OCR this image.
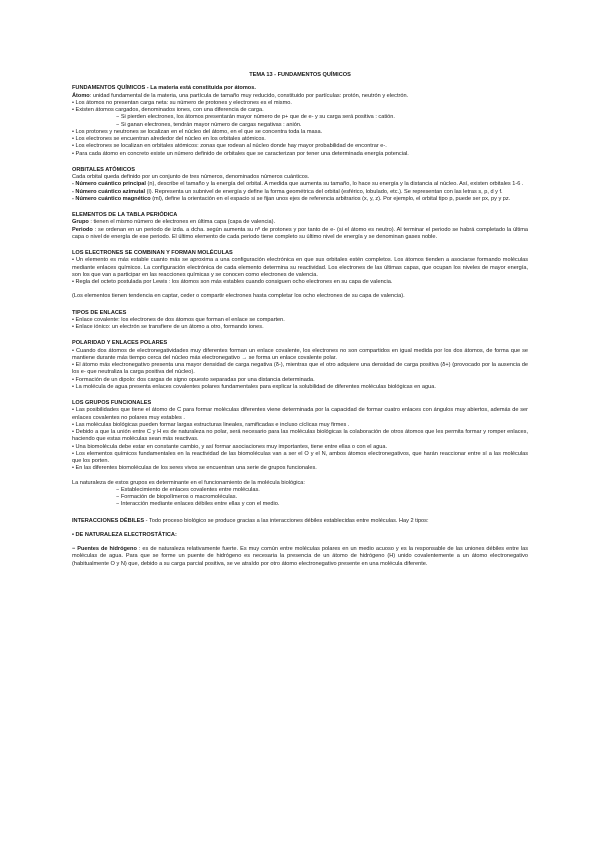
TEMA 13 - FUNDAMENTOS QUÍMICOS
FUNDAMENTOS QUÍMICOS - La materia está constituida por átomos.

Átomo: unidad fundamental de la materia, una partícula de tamaño muy reducido, constituido por partículas: protón, neutrón y electrón.

• Los átomos no presentan carga neta: su número de protones y electrones es el mismo.

• Existen átomos cargados, denominados iones, con una diferencia de carga.

− Si pierden electrones, los átomos presentarán mayor número de p+ que de e- y su carga será positiva : catión.

− Si ganan electrones, tendrán mayor número de cargas negativas : anión.

• Los protones y neutrones se localizan en el núcleo del átomo, en el que se concentra toda la masa.

• Los electrones se encuentran alrededor del núcleo en los orbitales atómicos.

• Los electrones se localizan en orbitales atómicos: zonas que rodean al núcleo donde hay mayor probabilidad de encontrar e-.

• Para cada átomo en concreto existe un número definido de orbitales que se caracterizan por tener una determinada energía potencial.

ORBITALES ATÓMICOS

Cada orbital queda definido por un conjunto de tres números, denominados números cuánticos.

- Número cuántico principal (n), describe el tamaño y la energía del orbital. A medida que aumenta su tamaño, lo hace su energía y la distancia al núcleo. Así, existen orbitales 1-6 .

- Número cuántico azimutal (l). Representa un subnivel de energía y define la forma geométrica del orbital (esférico, lobulado, etc.). Se representan con las letras s, p, d y f.

- Número cuántico magnético (ml), define la orientación en el espacio si se fijan unos ejes de referencia arbitrarios (x, y, z). Por ejemplo, el orbital tipo p, puede ser px, py y pz.

ELEMENTOS DE LA TABLA PERIÓDICA

Grupo : tienen el mismo número de electrones en última capa (capa de valencia).

Periodo : se ordenan en un periodo de izda. a dcha. según aumenta su nº de protones y por tanto de e- (si el átomo es neutro). Al terminar el periodo se habrá completado la última capa o nivel de energía de ese periodo. El último elemento de cada periodo tiene completo su último nivel de energía y se denominan gases noble.

LOS ELECTRONES SE COMBINAN Y FORMAN MOLÉCULAS

• Un elemento es más estable cuanto más se aproxima a una configuración electrónica en que sus orbitales estén completos. Los átomos tienden a asociarse formando moléculas mediante enlaces químicos. La configuración electrónica de cada elemento determina su reactividad. Los electrones de las últimas capas, que ocupan los niveles de mayor energía, son los que van a participar en las reacciones químicas y se conocen como electrones de valencia.

• Regla del octeto postulada por Lewis : los átomos son más estables cuando consiguen ocho electrones en su capa de valencia.

(Los elementos tienen tendencia en captar, ceder o compartir electrones hasta completar los ocho electrones de su capa de valencia).

TIPOS DE ENLACES

• Enlace covalente: los electrones de dos átomos que forman el enlace se comparten.

• Enlace iónico: un electrón se transfiere de un átomo a otro, formando iones.

POLARIDAD Y ENLACES POLARES

• Cuando dos átomos de electronegatividades muy diferentes forman un enlace covalente, los electrones no son compartidos en igual medida por los dos átomos, de forma que se mantiene durante más tiempo cerca del núcleo más electronegativo → se forma un enlace covalente polar.

• El átomo más electronegativo presenta una mayor densidad de carga negativa (δ-), mientras que el otro adquiere una densidad de carga positiva (δ+) (provocado por la ausencia de los e- que neutraliza la carga positiva del núcleo).

• Formación de un dipolo: dos cargas de signo opuesto separadas por una distancia determinada.

• La molécula de agua presenta enlaces covalentes polares fundamentales para explicar la solubilidad de diferentes moléculas biológicas en agua.

LOS GRUPOS FUNCIONALES

• Las posibilidades que tiene el átomo de C para formar moléculas diferentes viene determinada por la capacidad de formar cuatro enlaces con ángulos muy abiertos, además de ser enlaces covalentes no polares muy estables .

• Las moléculas biológicas pueden formar largas estructuras lineales, ramificadas e incluso cíclicas muy firmes .

• Debido a que la unión entre C y H es de naturaleza no polar, será necesario para las moléculas biológicas la colaboración de otros átomos que les permita formar y romper enlaces, haciendo que estas moléculas sean más reactivas.

• Una biomolécula debe estar en constante cambio, y así formar asociaciones muy importantes, tiene entre ellas o con el agua.

• Los elementos químicos fundamentales en la reactividad de las biomoléculas van a ser el O y el N, ambos átomos electronegativos, que harán reaccionar entre sí a las moléculas que los porten.

• En las diferentes biomoléculas de los seres vivos se encuentran una serie de grupos funcionales.

La naturaleza de estos grupos es determinante en el funcionamiento de la molécula biológica:

− Establecimiento de enlaces covalentes entre moléculas.

− Formación de biopolímeros o macromoléculas.

− Interacción mediante enlaces débiles entre ellas y con el medio.

INTERACCIONES DÉBILES - Todo proceso biológico se produce gracias a las interacciones débiles establecidas entre moléculas. Hay 2 tipos:

• DE NATURALEZA ELECTROSTÁTICA:

− Puentes de hidrógeno : es de naturaleza relativamente fuerte. Es muy común entre moléculas polares en un medio acuoso y es la responsable de las uniones débiles entre las moléculas de agua. Para que se forme un puente de hidrógeno es necesaria la presencia de un átomo de hidrógeno (H) unido covalentemente a un átomo electronegativo (habitualmente O y N) que, debido a su carga parcial positiva, se ve atraído por otro átomo electronegativo presente en una molécula diferente.
